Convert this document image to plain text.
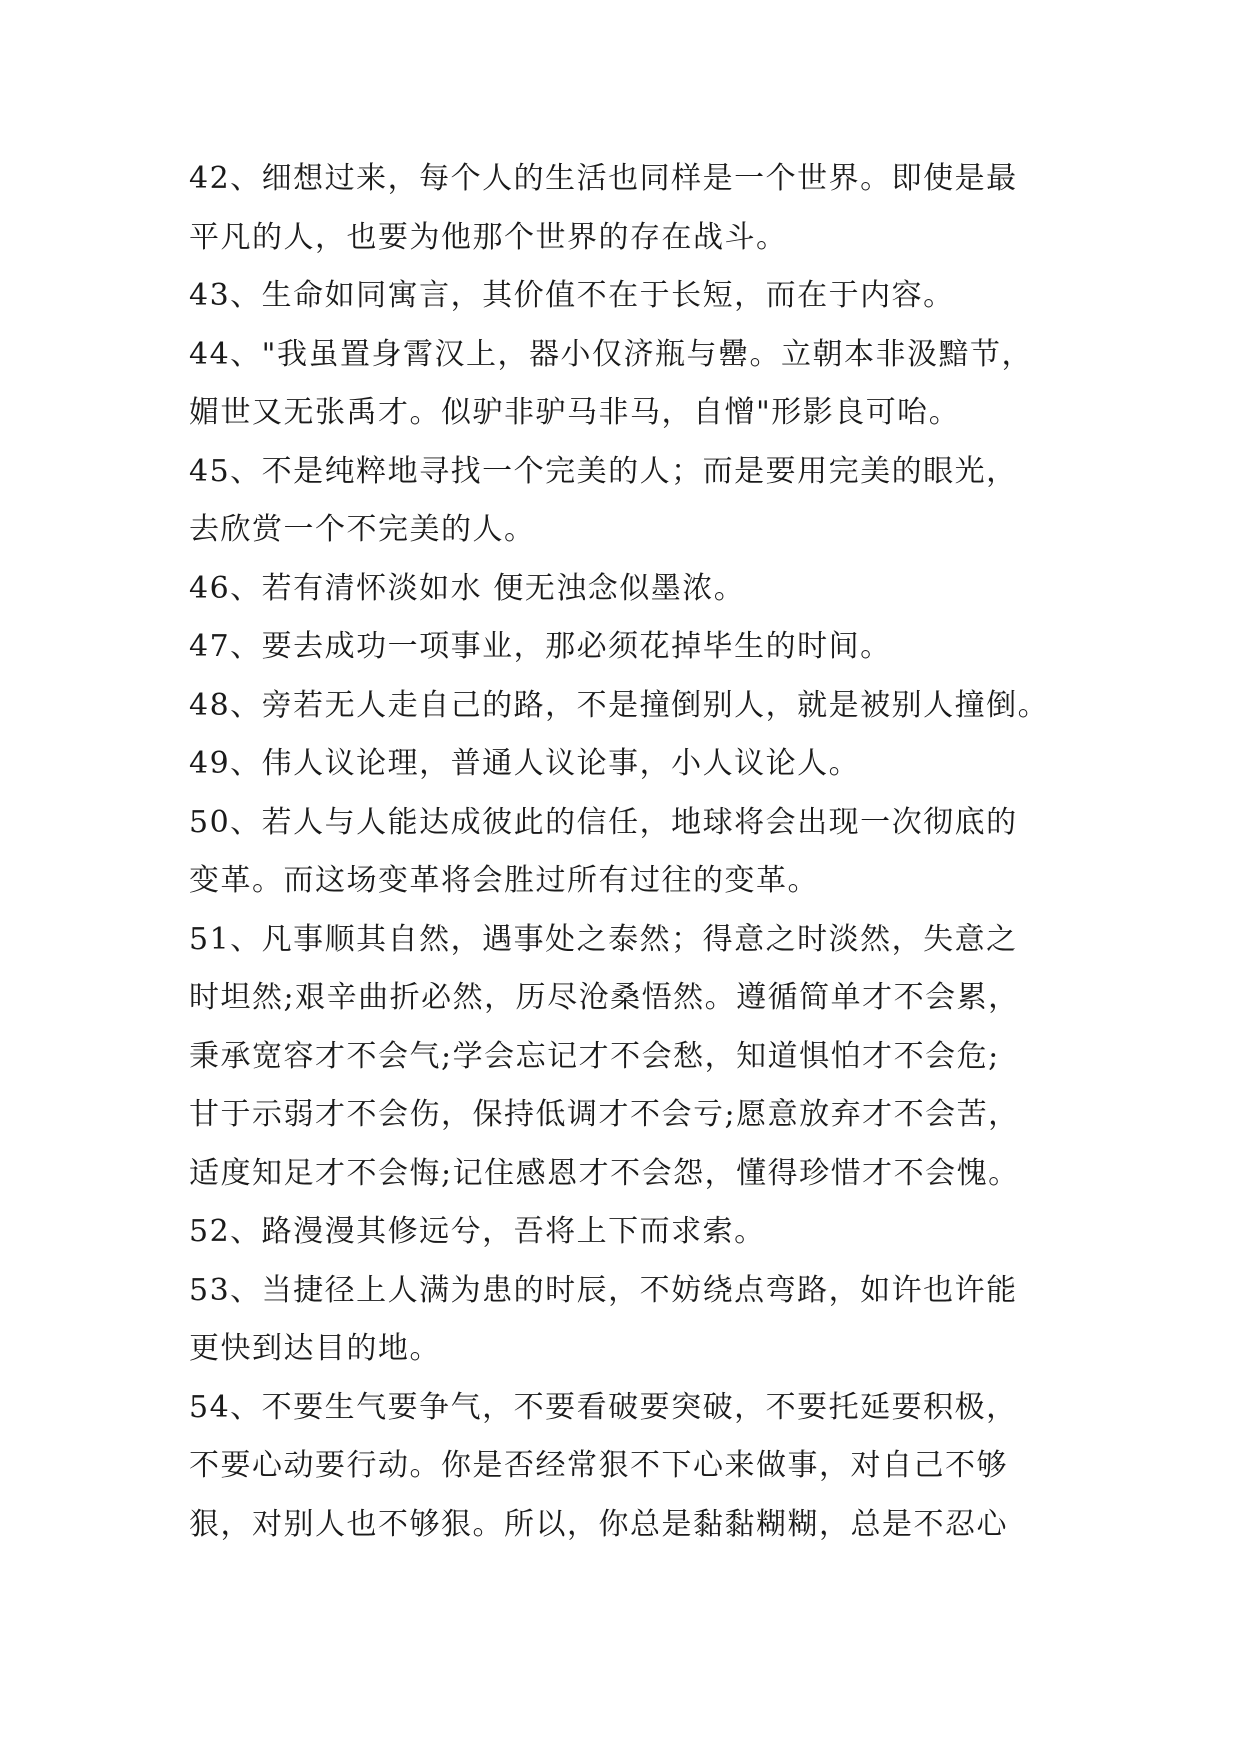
42、细想过来，每个人的生活也同样是一个世界。即使是最
平凡的人，也要为他那个世界的存在战斗。

43、生命如同寓言，其价值不在于长短，而在于内容。

44、"我虽置身霄汉上，器小仅济瓶与罍。立朝本非汲黯节，
媚世又无张禹才。似驴非驴马非马，自憎"形影良可咍。

45、不是纯粹地寻找一个完美的人；而是要用完美的眼光，
去欣赏一个不完美的人。

46、若有清怀淡如水 便无浊念似墨浓。

47、要去成功一项事业，那必须花掉毕生的时间。

48、旁若无人走自己的路，不是撞倒别人，就是被别人撞倒。

49、伟人议论理，普通人议论事，小人议论人。

50、若人与人能达成彼此的信任，地球将会出现一次彻底的
变革。而这场变革将会胜过所有过往的变革。

51、凡事顺其自然，遇事处之泰然；得意之时淡然，失意之
时坦然;艰辛曲折必然，历尽沧桑悟然。遵循简单才不会累，
秉承宽容才不会气;学会忘记才不会愁，知道惧怕才不会危;
甘于示弱才不会伤，保持低调才不会亏;愿意放弃才不会苦，
适度知足才不会悔;记住感恩才不会怨，懂得珍惜才不会愧。

52、路漫漫其修远兮，吾将上下而求索。

53、当捷径上人满为患的时辰，不妨绕点弯路，如许也许能
更快到达目的地。

54、不要生气要争气，不要看破要突破，不要托延要积极，
不要心动要行动。你是否经常狠不下心来做事，对自己不够
狠，对别人也不够狠。所以，你总是黏黏糊糊，总是不忍心
